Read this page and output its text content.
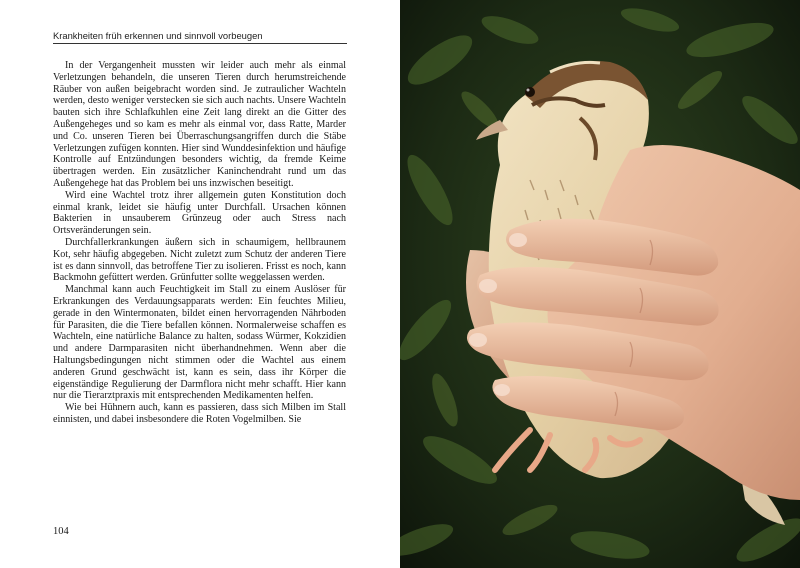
Krankheiten früh erkennen und sinnvoll vorbeugen

In der Vergangenheit mussten wir leider auch mehr als einmal Verletzungen behandeln, die unseren Tieren durch herumstreichende Räuber von außen beigebracht worden sind. Je zutraulicher Wachteln werden, desto weniger verstecken sie sich auch nachts. Unsere Wachteln bauten sich ihre Schlafkuhlen eine Zeit lang direkt an die Gitter des Außengeheges und so kam es mehr als einmal vor, dass Ratte, Marder und Co. unseren Tieren bei Überraschungsangriffen durch die Stäbe Verletzungen zufügen konnten. Hier sind Wunddesinfektion und häufige Kontrolle auf Entzündungen besonders wichtig, da fremde Keime übertragen werden. Ein zusätzlicher Kaninchendraht rund um das Außengehege hat das Problem bei uns inzwischen beseitigt.

Wird eine Wachtel trotz ihrer allgemein guten Konstitution doch einmal krank, leidet sie häufig unter Durchfall. Ursachen können Bakterien in unsauberem Grünzeug oder auch Stress nach Ortsveränderungen sein.

Durchfallerkrankungen äußern sich in schaumigem, hellbraunem Kot, sehr häufig abgegeben. Nicht zuletzt zum Schutz der anderen Tiere ist es dann sinnvoll, das betroffene Tier zu isolieren. Frisst es noch, kann Backmohn gefüttert werden. Grünfutter sollte weggelassen werden.

Manchmal kann auch Feuchtigkeit im Stall zu einem Auslöser für Erkrankungen des Verdauungsapparats werden: Ein feuchtes Milieu, gerade in den Wintermonaten, bildet einen hervorragenden Nährboden für Parasiten, die die Tiere befallen können. Normalerweise schaffen es Wachteln, eine natürliche Balance zu halten, sodass Würmer, Kokzidien und andere Darmparasiten nicht überhandnehmen. Wenn aber die Haltungsbedingungen nicht stimmen oder die Wachtel aus einem anderen Grund geschwächt ist, kann es sein, dass ihr Körper die eigenständige Regulierung der Darmflora nicht mehr schafft. Hier kann nur die Tierarztpraxis mit entsprechenden Medikamenten helfen.

Wie bei Hühnern auch, kann es passieren, dass sich Milben im Stall einnisten, und dabei insbesondere die Roten Vogelmilben. Sie

104
